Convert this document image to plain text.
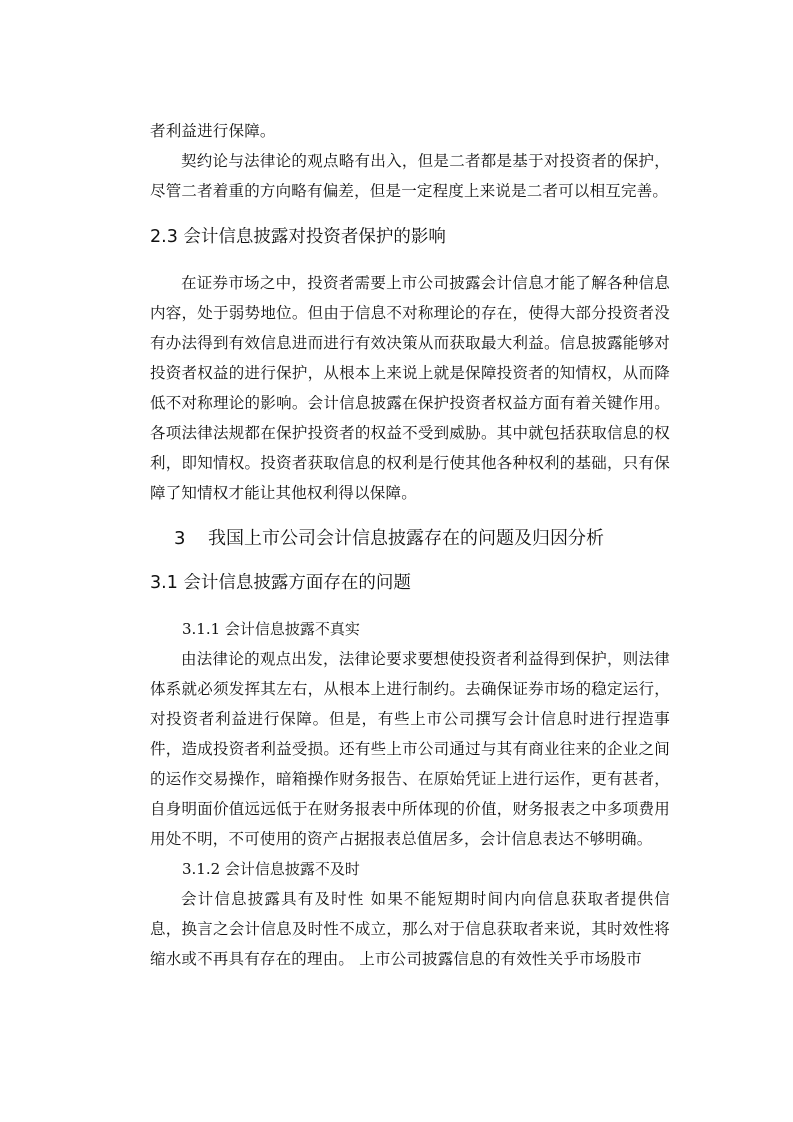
者利益进行保障。

契约论与法律论的观点略有出入，但是二者都是基于对投资者的保护，尽管二者着重的方向略有偏差，但是一定程度上来说是二者可以相互完善。

2.3 会计信息披露对投资者保护的影响

在证券市场之中，投资者需要上市公司披露会计信息才能了解各种信息内容，处于弱势地位。但由于信息不对称理论的存在，使得大部分投资者没有办法得到有效信息进而进行有效决策从而获取最大利益。信息披露能够对投资者权益的进行保护，从根本上来说上就是保障投资者的知情权，从而降低不对称理论的影响。会计信息披露在保护投资者权益方面有着关键作用。各项法律法规都在保护投资者的权益不受到威胁。其中就包括获取信息的权利，即知情权。投资者获取信息的权利是行使其他各种权利的基础，只有保障了知情权才能让其他权利得以保障。

3 我国上市公司会计信息披露存在的问题及归因分析
3.1 会计信息披露方面存在的问题
3.1.1 会计信息披露不真实

由法律论的观点出发，法律论要求要想使投资者利益得到保护，则法律体系就必须发挥其左右，从根本上进行制约。去确保证券市场的稳定运行，对投资者利益进行保障。但是，有些上市公司撰写会计信息时进行捏造事件，造成投资者利益受损。还有些上市公司通过与其有商业往来的企业之间的运作交易操作，暗箱操作财务报告、在原始凭证上进行运作，更有甚者，自身明面价值远远低于在财务报表中所体现的价值，财务报表之中多项费用用处不明，不可使用的资产占据报表总值居多，会计信息表达不够明确。

3.1.2 会计信息披露不及时

会计信息披露具有及时性 如果不能短期时间内向信息获取者提供信息，换言之会计信息及时性不成立，那么对于信息获取者来说，其时效性将缩水或不再具有存在的理由。 上市公司披露信息的有效性关乎市场股市
